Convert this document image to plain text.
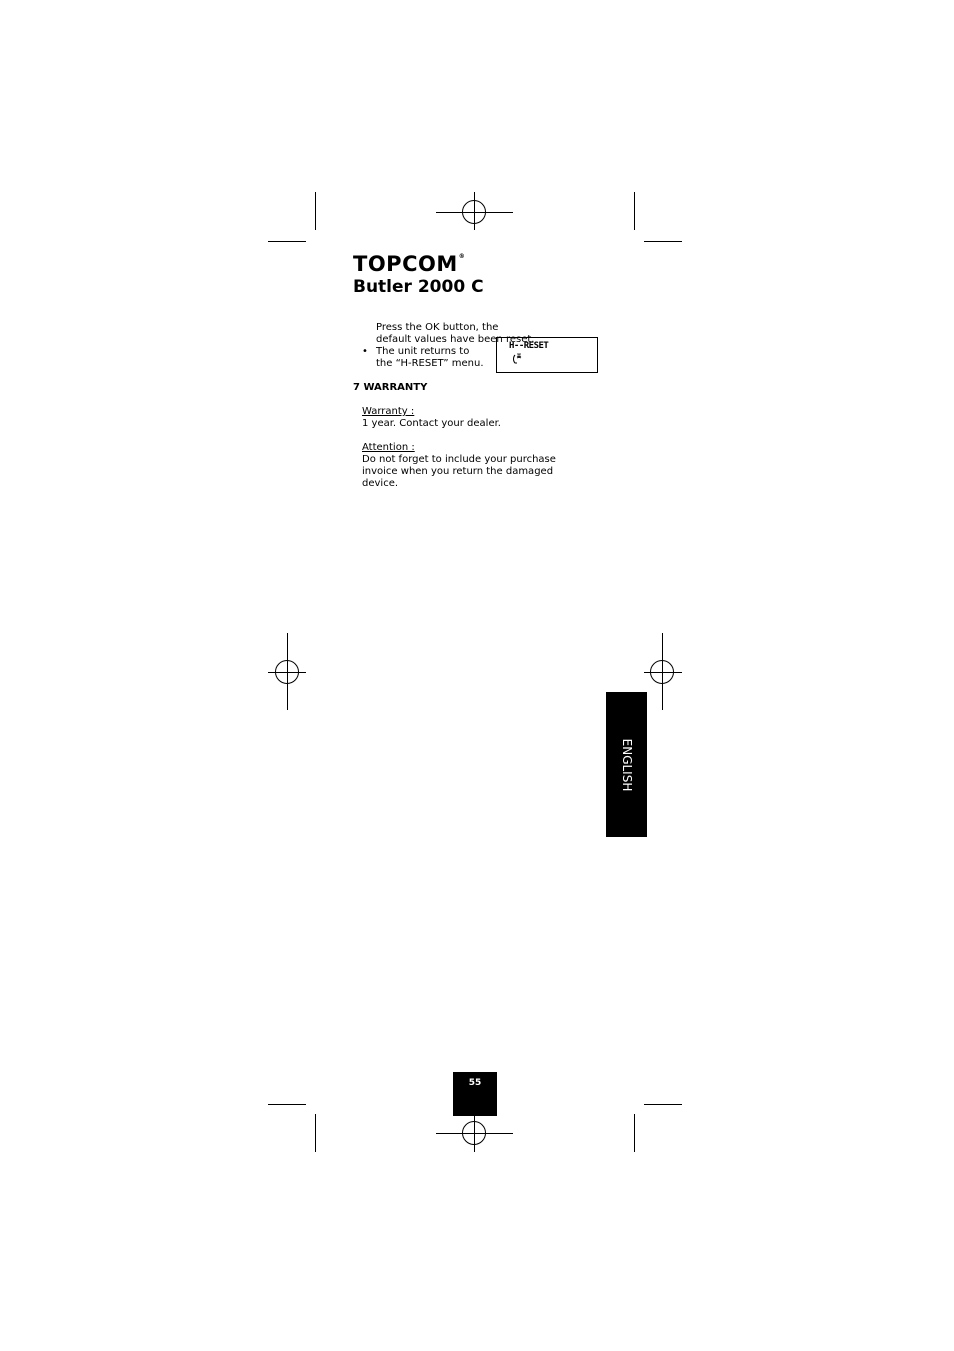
TOPCOM®
Butler 2000 C
Press the OK button, the default values have been reset.
• The unit returns to the “H-RESET” menu.
H--RESET
7 WARRANTY
Warranty :
1 year. Contact your dealer.
Attention :
Do not forget to include your purchase invoice when you return the damaged device.
ENGLISH
55
